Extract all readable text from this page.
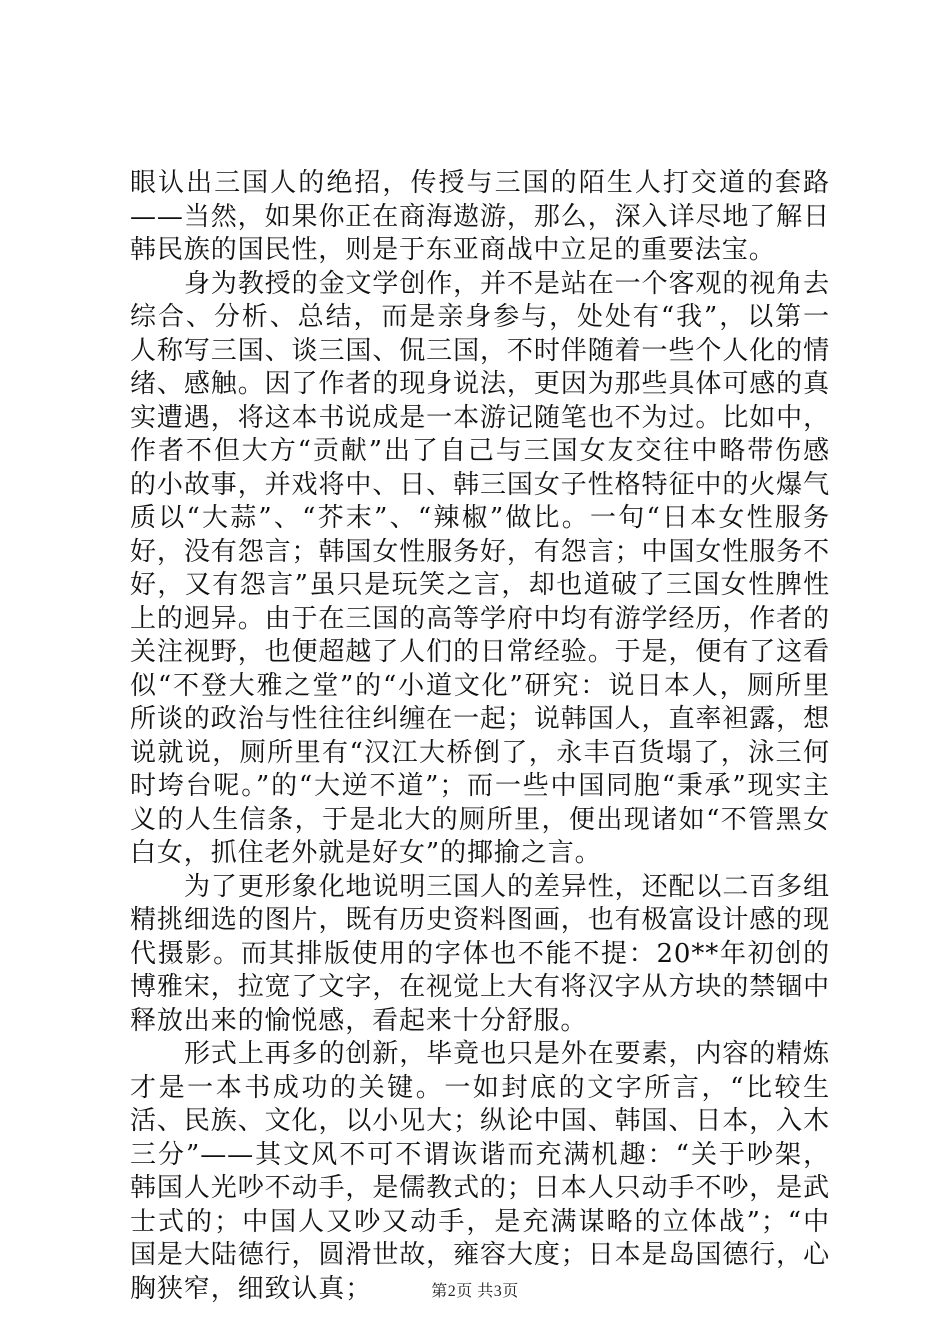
眼认出三国人的绝招，传授与三国的陌生人打交道的套路——当然，如果你正在商海遨游，那么，深入详尽地了解日韩民族的国民性，则是于东亚商战中立足的重要法宝。

身为教授的金文学创作，并不是站在一个客观的视角去综合、分析、总结，而是亲身参与，处处有“我”，以第一人称写三国、谈三国、侃三国，不时伴随着一些个人化的情绪、感触。因了作者的现身说法，更因为那些具体可感的真实遭遇，将这本书说成是一本游记随笔也不为过。比如中，作者不但大方“贡献”出了自己与三国女友交往中略带伤感的小故事，并戏将中、日、韩三国女子性格特征中的火爆气质以“大蒜”、“芥末”、“辣椒”做比。一句“日本女性服务好，没有怨言；韩国女性服务好，有怨言；中国女性服务不好，又有怨言”虽只是玩笑之言，却也道破了三国女性脾性上的迥异。由于在三国的高等学府中均有游学经历，作者的关注视野，也便超越了人们的日常经验。于是，便有了这看似“不登大雅之堂”的“小道文化”研究：说日本人，厕所里所谈的政治与性往往纠缠在一起；说韩国人，直率袒露，想说就说，厕所里有“汉江大桥倒了，永丰百货塌了，泳三何时垮台呢。”的“大逆不道”；而一些中国同胞“秉承”现实主义的人生信条，于是北大的厕所里，便出现诸如“不管黑女白女，抓住老外就是好女”的揶揄之言。

为了更形象化地说明三国人的差异性，还配以二百多组精挑细选的图片，既有历史资料图画，也有极富设计感的现代摄影。而其排版使用的字体也不能不提：20**年初创的博雅宋，拉宽了文字，在视觉上大有将汉字从方块的禁锢中释放出来的愉悦感，看起来十分舒服。

形式上再多的创新，毕竟也只是外在要素，内容的精炼才是一本书成功的关键。一如封底的文字所言，“比较生活、民族、文化，以小见大；纵论中国、韩国、日本，入木三分”——其文风不可不谓诙谐而充满机趣：“关于吵架，韩国人光吵不动手，是儒教式的；日本人只动手不吵，是武士式的；中国人又吵又动手，是充满谋略的立体战”；“中国是大陆德行，圆滑世故，雍容大度；日本是岛国德行，心胸狭窄，细致认真；	第2页 共3页
